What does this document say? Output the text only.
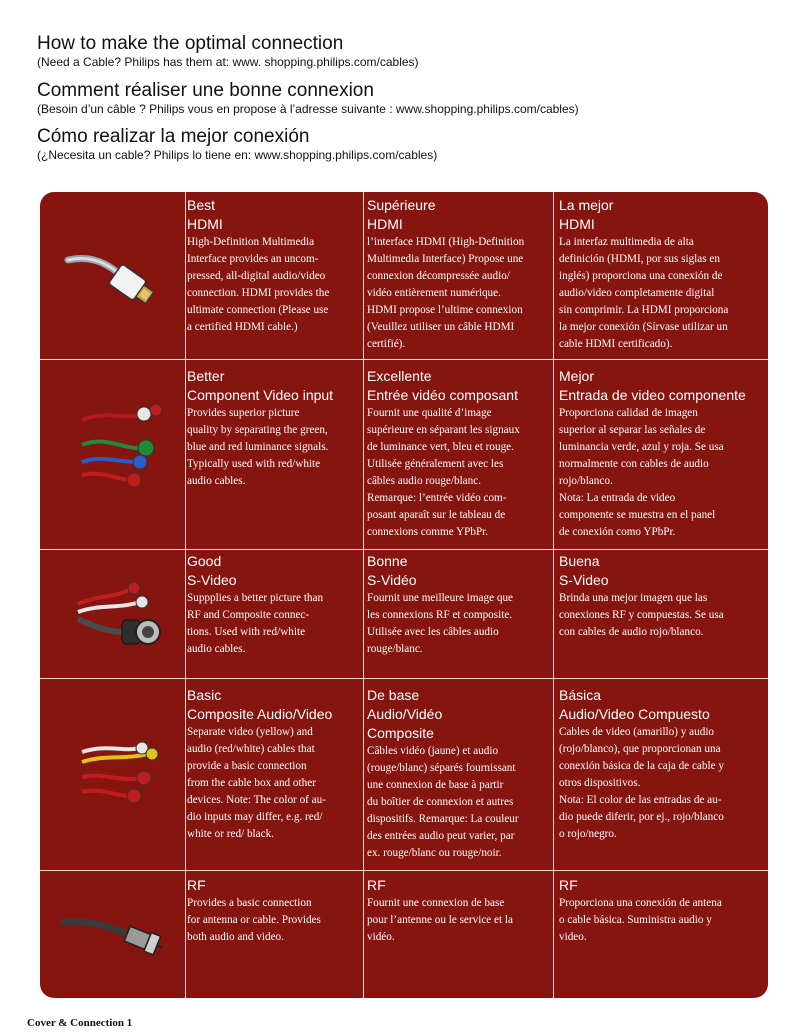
How to make the optimal connection
(Need a Cable? Philips has them at: www. shopping.philips.com/cables)
Comment réaliser une bonne connexion
(Besoin d’un câble ? Philips vous en propose à l’adresse suivante : www.shopping.philips.com/cables)
Cómo realizar la mejor conexión
(¿Necesita un cable? Philips lo tiene en: www.shopping.philips.com/cables)
Best
HDMI
High-Definition Multimedia
Interface provides an uncom-
pressed, all-digital audio/video
connection. HDMI provides the
ultimate connection (Please use
a certified HDMI cable.)
Supérieure
HDMI
l’interface HDMI (High-Definition
Multimedia Interface) Propose une
connexion décompressée audio/
vidéo entièrement numérique.
HDMI propose l’ultime connexion
(Veuillez utiliser un câble HDMI
certifié).
La mejor
HDMI
La interfaz multimedia de alta
definición (HDMI, por sus siglas en
inglés) proporciona una conexión de
audio/video completamente digital
sin comprimir. La HDMI proporciona
la mejor conexión (Sírvase utilizar un
cable HDMI certificado).
Better
Component Video input
Provides superior picture
quality by separating the green,
blue and red luminance signals.
Typically used with red/white
audio cables.
Excellente
Entrée vidéo composant
Fournit une qualité d’image
supérieure en séparant les signaux
de luminance vert, bleu et rouge.
Utilisée généralement avec les
câbles audio rouge/blanc.
Remarque: l’entrée vidéo com-
posant aparaît sur le tableau de
connexions comme YPbPr.
Mejor
Entrada de video componente
Proporciona calidad de imagen
superior al separar las señales de
luminancia verde, azul y roja. Se usa
normalmente con cables de audio
rojo/blanco.
Nota: La entrada de video
componente se muestra en el panel
de conexión como YPbPr.
Good
S-Video
Suppplies a better picture than
RF and Composite connec-
tions. Used with red/white
audio cables.
Bonne
S-Vidéo
Fournit une meilleure image que
les connexions RF et composite.
Utilisée avec les câbles audio
rouge/blanc.
Buena
S-Video
Brinda una mejor imagen que las
conexiones RF y compuestas. Se usa
con cables de audio rojo/blanco.
Basic
Composite Audio/Video
Separate video (yellow) and
audio (red/white) cables that
provide a basic connection
from the cable box and other
devices. Note: The color of au-
dio inputs may differ, e.g. red/
white or red/ black.
De base
Audio/Vidéo
Composite
Câbles vidéo (jaune) et audio
(rouge/blanc) séparés fournissant
une connexion de base à partir
du boîtier de connexion et autres
dispositifs. Remarque: La couleur
des entrées audio peut varier, par
ex. rouge/blanc ou rouge/noir.
Básica
Audio/Video Compuesto
Cables de video (amarillo) y audio
(rojo/blanco), que proporcionan una
conexión básica de la caja de cable y
otros dispositivos.
Nota: El color de las entradas de au-
dio puede diferir, por ej., rojo/blanco
o rojo/negro.
RF
Provides a basic connection
for antenna or cable. Provides
both audio and video.
RF
Fournit une connexion de base
pour l’antenne ou le service et la
vidéo.
RF
Proporciona una conexión de antena
o cable básica. Suministra audio y
video.
Cover & Connection 1
